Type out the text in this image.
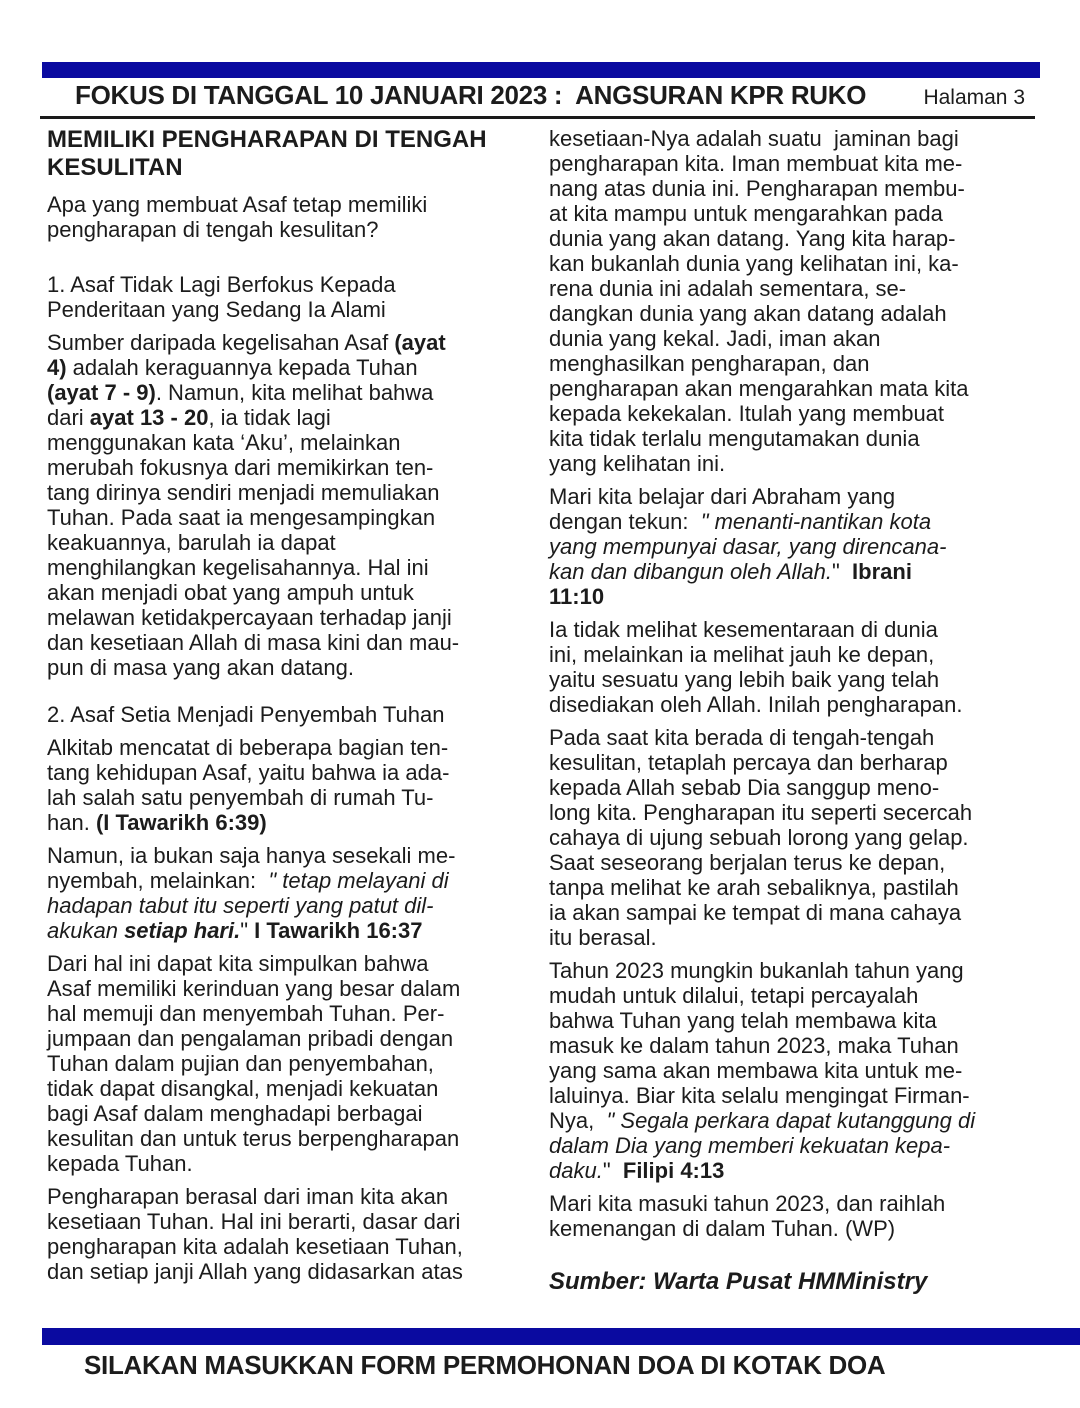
FOKUS DI TANGGAL 10 JANUARI 2023 :  ANGSURAN KPR RUKO	Halaman 3
MEMILIKI PENGHARAPAN DI TENGAH
KESULITAN
Apa yang membuat Asaf tetap memiliki
pengharapan di tengah kesulitan?
1. Asaf Tidak Lagi Berfokus Kepada
Penderitaan yang Sedang Ia Alami
Sumber daripada kegelisahan Asaf (ayat
4) adalah keraguannya kepada Tuhan
(ayat 7 - 9). Namun, kita melihat bahwa
dari ayat 13 - 20, ia tidak lagi
menggunakan kata ‘Aku’, melainkan
merubah fokusnya dari memikirkan ten-
tang dirinya sendiri menjadi memuliakan
Tuhan. Pada saat ia mengesampingkan
keakuannya, barulah ia dapat
menghilangkan kegelisahannya. Hal ini
akan menjadi obat yang ampuh untuk
melawan ketidakpercayaan terhadap janji
dan kesetiaan Allah di masa kini dan mau-
pun di masa yang akan datang.
2. Asaf Setia Menjadi Penyembah Tuhan
Alkitab mencatat di beberapa bagian ten-
tang kehidupan Asaf, yaitu bahwa ia ada-
lah salah satu penyembah di rumah Tu-
han. (I Tawarikh 6:39)
Namun, ia bukan saja hanya sesekali me-
nyembah, melainkan:  " tetap melayani di
hadapan tabut itu seperti yang patut dil-
akukan setiap hari." I Tawarikh 16:37
Dari hal ini dapat kita simpulkan bahwa
Asaf memiliki kerinduan yang besar dalam
hal memuji dan menyembah Tuhan. Per-
jumpaan dan pengalaman pribadi dengan
Tuhan dalam pujian dan penyembahan,
tidak dapat disangkal, menjadi kekuatan
bagi Asaf dalam menghadapi berbagai
kesulitan dan untuk terus berpengharapan
kepada Tuhan.
Pengharapan berasal dari iman kita akan
kesetiaan Tuhan. Hal ini berarti, dasar dari
pengharapan kita adalah kesetiaan Tuhan,
dan setiap janji Allah yang didasarkan atas
kesetiaan-Nya adalah suatu  jaminan bagi
pengharapan kita. Iman membuat kita me-
nang atas dunia ini. Pengharapan membu-
at kita mampu untuk mengarahkan pada
dunia yang akan datang. Yang kita harap-
kan bukanlah dunia yang kelihatan ini, ka-
rena dunia ini adalah sementara, se-
dangkan dunia yang akan datang adalah
dunia yang kekal. Jadi, iman akan
menghasilkan pengharapan, dan
pengharapan akan mengarahkan mata kita
kepada kekekalan. Itulah yang membuat
kita tidak terlalu mengutamakan dunia
yang kelihatan ini.
Mari kita belajar dari Abraham yang
dengan tekun:  " menanti-nantikan kota
yang mempunyai dasar, yang direncana-
kan dan dibangun oleh Allah."  Ibrani
11:10
Ia tidak melihat kesementaraan di dunia
ini, melainkan ia melihat jauh ke depan,
yaitu sesuatu yang lebih baik yang telah
disediakan oleh Allah. Inilah pengharapan.
Pada saat kita berada di tengah-tengah
kesulitan, tetaplah percaya dan berharap
kepada Allah sebab Dia sanggup meno-
long kita. Pengharapan itu seperti secercah
cahaya di ujung sebuah lorong yang gelap.
Saat seseorang berjalan terus ke depan,
tanpa melihat ke arah sebaliknya, pastilah
ia akan sampai ke tempat di mana cahaya
itu berasal.
Tahun 2023 mungkin bukanlah tahun yang
mudah untuk dilalui, tetapi percayalah
bahwa Tuhan yang telah membawa kita
masuk ke dalam tahun 2023, maka Tuhan
yang sama akan membawa kita untuk me-
laluinya. Biar kita selalu mengingat Firman-
Nya,  " Segala perkara dapat kutanggung di
dalam Dia yang memberi kekuatan kepa-
daku."  Filipi 4:13
Mari kita masuki tahun 2023, dan raihlah
kemenangan di dalam Tuhan. (WP)
Sumber: Warta Pusat HMMinistry
SILAKAN MASUKKAN FORM PERMOHONAN DOA DI KOTAK DOA
